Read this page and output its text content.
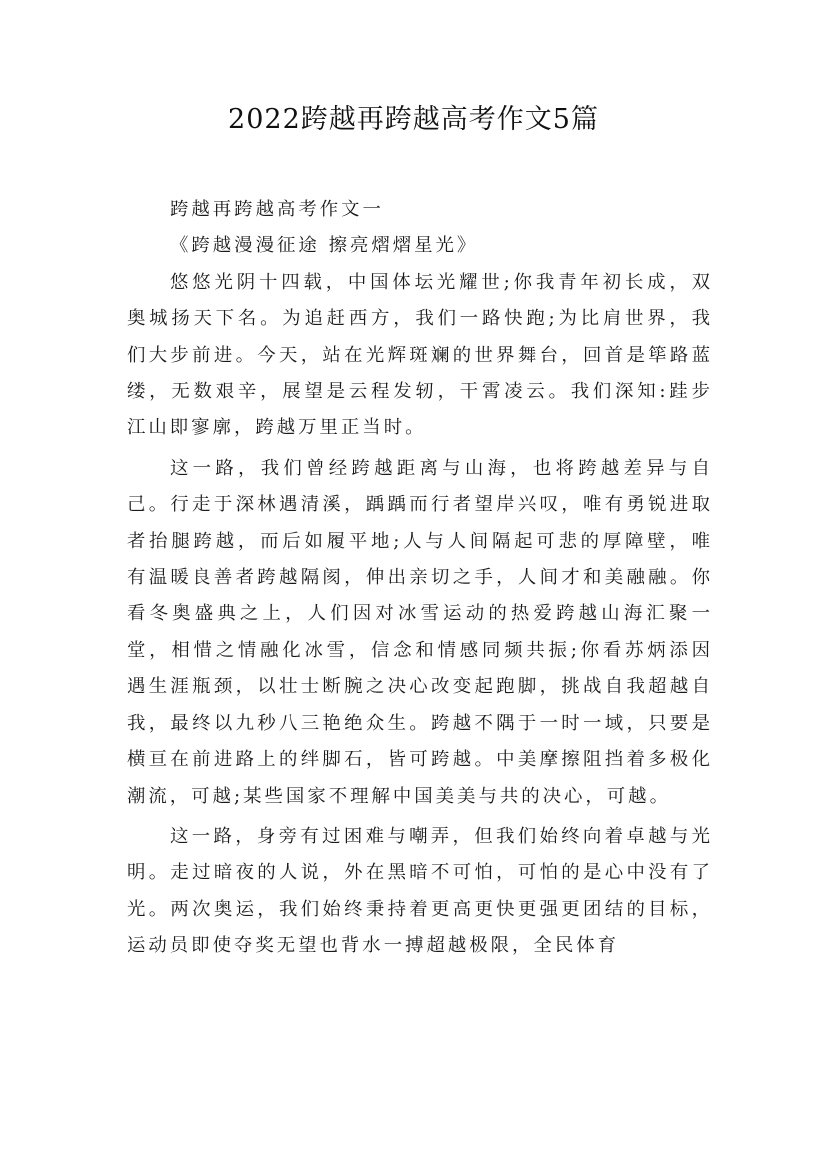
2022跨越再跨越高考作文5篇

跨越再跨越高考作文一

《跨越漫漫征途 擦亮熠熠星光》

悠悠光阴十四载，中国体坛光耀世;你我青年初长成，双奥城扬天下名。为追赶西方，我们一路快跑;为比肩世界，我们大步前进。今天，站在光辉斑斓的世界舞台，回首是筚路蓝缕，无数艰辛，展望是云程发轫，干霄凌云。我们深知:跬步江山即寥廓，跨越万里正当时。

这一路，我们曾经跨越距离与山海，也将跨越差异与自己。行走于深林遇清溪，踽踽而行者望岸兴叹，唯有勇锐进取者抬腿跨越，而后如履平地;人与人间隔起可悲的厚障壁，唯有温暖良善者跨越隔阂，伸出亲切之手，人间才和美融融。你看冬奥盛典之上，人们因对冰雪运动的热爱跨越山海汇聚一堂，相惜之情融化冰雪，信念和情感同频共振;你看苏炳添因遇生涯瓶颈，以壮士断腕之决心改变起跑脚，挑战自我超越自我，最终以九秒八三艳绝众生。跨越不隅于一时一域，只要是横亘在前进路上的绊脚石，皆可跨越。中美摩擦阻挡着多极化潮流，可越;某些国家不理解中国美美与共的决心，可越。

这一路，身旁有过困难与嘲弄，但我们始终向着卓越与光明。走过暗夜的人说，外在黑暗不可怕，可怕的是心中没有了光。两次奥运，我们始终秉持着更高更快更强更团结的目标，运动员即使夺奖无望也背水一搏超越极限，全民体育
